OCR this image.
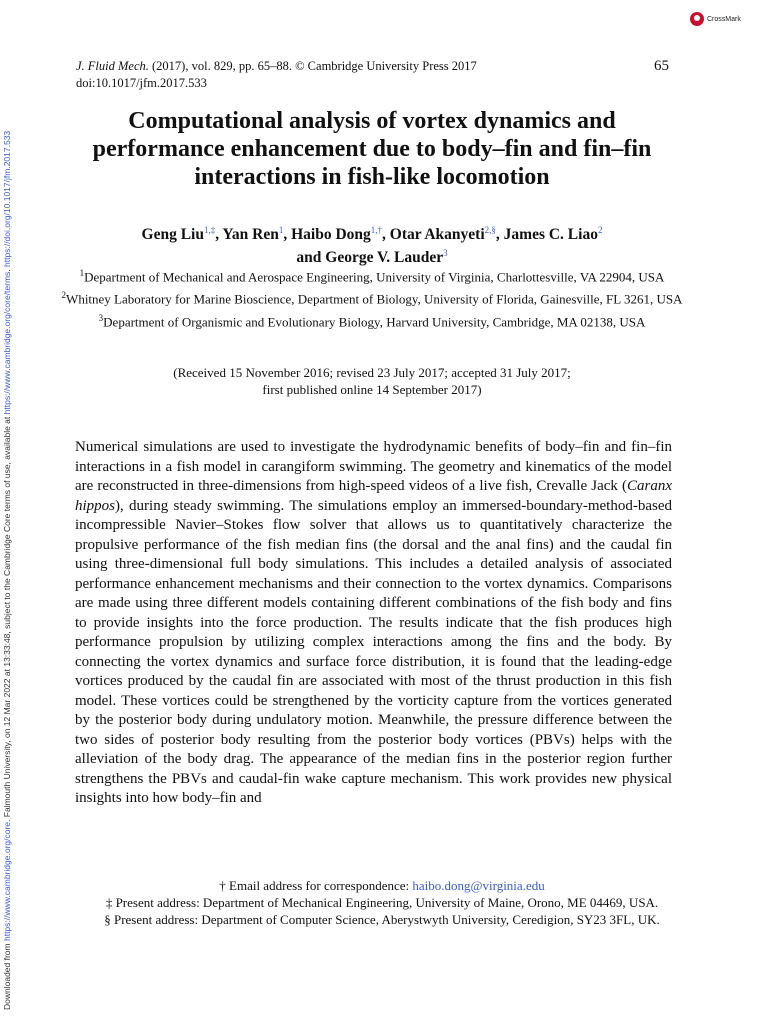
Downloaded from https://www.cambridge.org/core. Falmouth University, on 12 Mar 2022 at 13:33:48, subject to the Cambridge Core terms of use, available at https://www.cambridge.org/core/terms. https://doi.org/10.1017/jfm.2017.533
CrossMark
J. Fluid Mech. (2017), vol. 829, pp. 65–88. © Cambridge University Press 2017
doi:10.1017/jfm.2017.533
65
Computational analysis of vortex dynamics and performance enhancement due to body–fin and fin–fin interactions in fish-like locomotion
Geng Liu$^{1,\ddagger}$, Yan Ren$^1$, Haibo Dong$^{1,\dagger}$, Otar Akanyeti$^{2,\S}$, James C. Liao$^2$
and George V. Lauder$^3$

$^1$Department of Mechanical and Aerospace Engineering, University of Virginia, Charlottesville, VA 22904, USA

$^2$Whitney Laboratory for Marine Bioscience, Department of Biology, University of Florida, Gainesville, FL 3261, USA

$^3$Department of Organismic and Evolutionary Biology, Harvard University, Cambridge, MA 02138, USA

(Received 15 November 2016; revised 23 July 2017; accepted 31 July 2017;
first published online 14 September 2017)
Numerical simulations are used to investigate the hydrodynamic benefits of body–fin and fin–fin interactions in a fish model in carangiform swimming. The geometry and kinematics of the model are reconstructed in three-dimensions from high-speed videos of a live fish, Crevalle Jack (Caranx hippos), during steady swimming. The simulations employ an immersed-boundary-method-based incompressible Navier–Stokes flow solver that allows us to quantitatively characterize the propulsive performance of the fish median fins (the dorsal and the anal fins) and the caudal fin using three-dimensional full body simulations. This includes a detailed analysis of associated performance enhancement mechanisms and their connection to the vortex dynamics. Comparisons are made using three different models containing different combinations of the fish body and fins to provide insights into the force production. The results indicate that the fish produces high performance propulsion by utilizing complex interactions among the fins and the body. By connecting the vortex dynamics and surface force distribution, it is found that the leading-edge vortices produced by the caudal fin are associated with most of the thrust production in this fish model. These vortices could be strengthened by the vorticity capture from the vortices generated by the posterior body during undulatory motion. Meanwhile, the pressure difference between the two sides of posterior body resulting from the posterior body vortices (PBVs) helps with the alleviation of the body drag. The appearance of the median fins in the posterior region further strengthens the PBVs and caudal-fin wake capture mechanism. This work provides new physical insights into how body–fin and

† Email address for correspondence: haibo.dong@virginia.edu

‡ Present address: Department of Mechanical Engineering, University of Maine, Orono, ME 04469, USA.

§ Present address: Department of Computer Science, Aberystwyth University, Ceredigion, SY23 3FL, UK.
